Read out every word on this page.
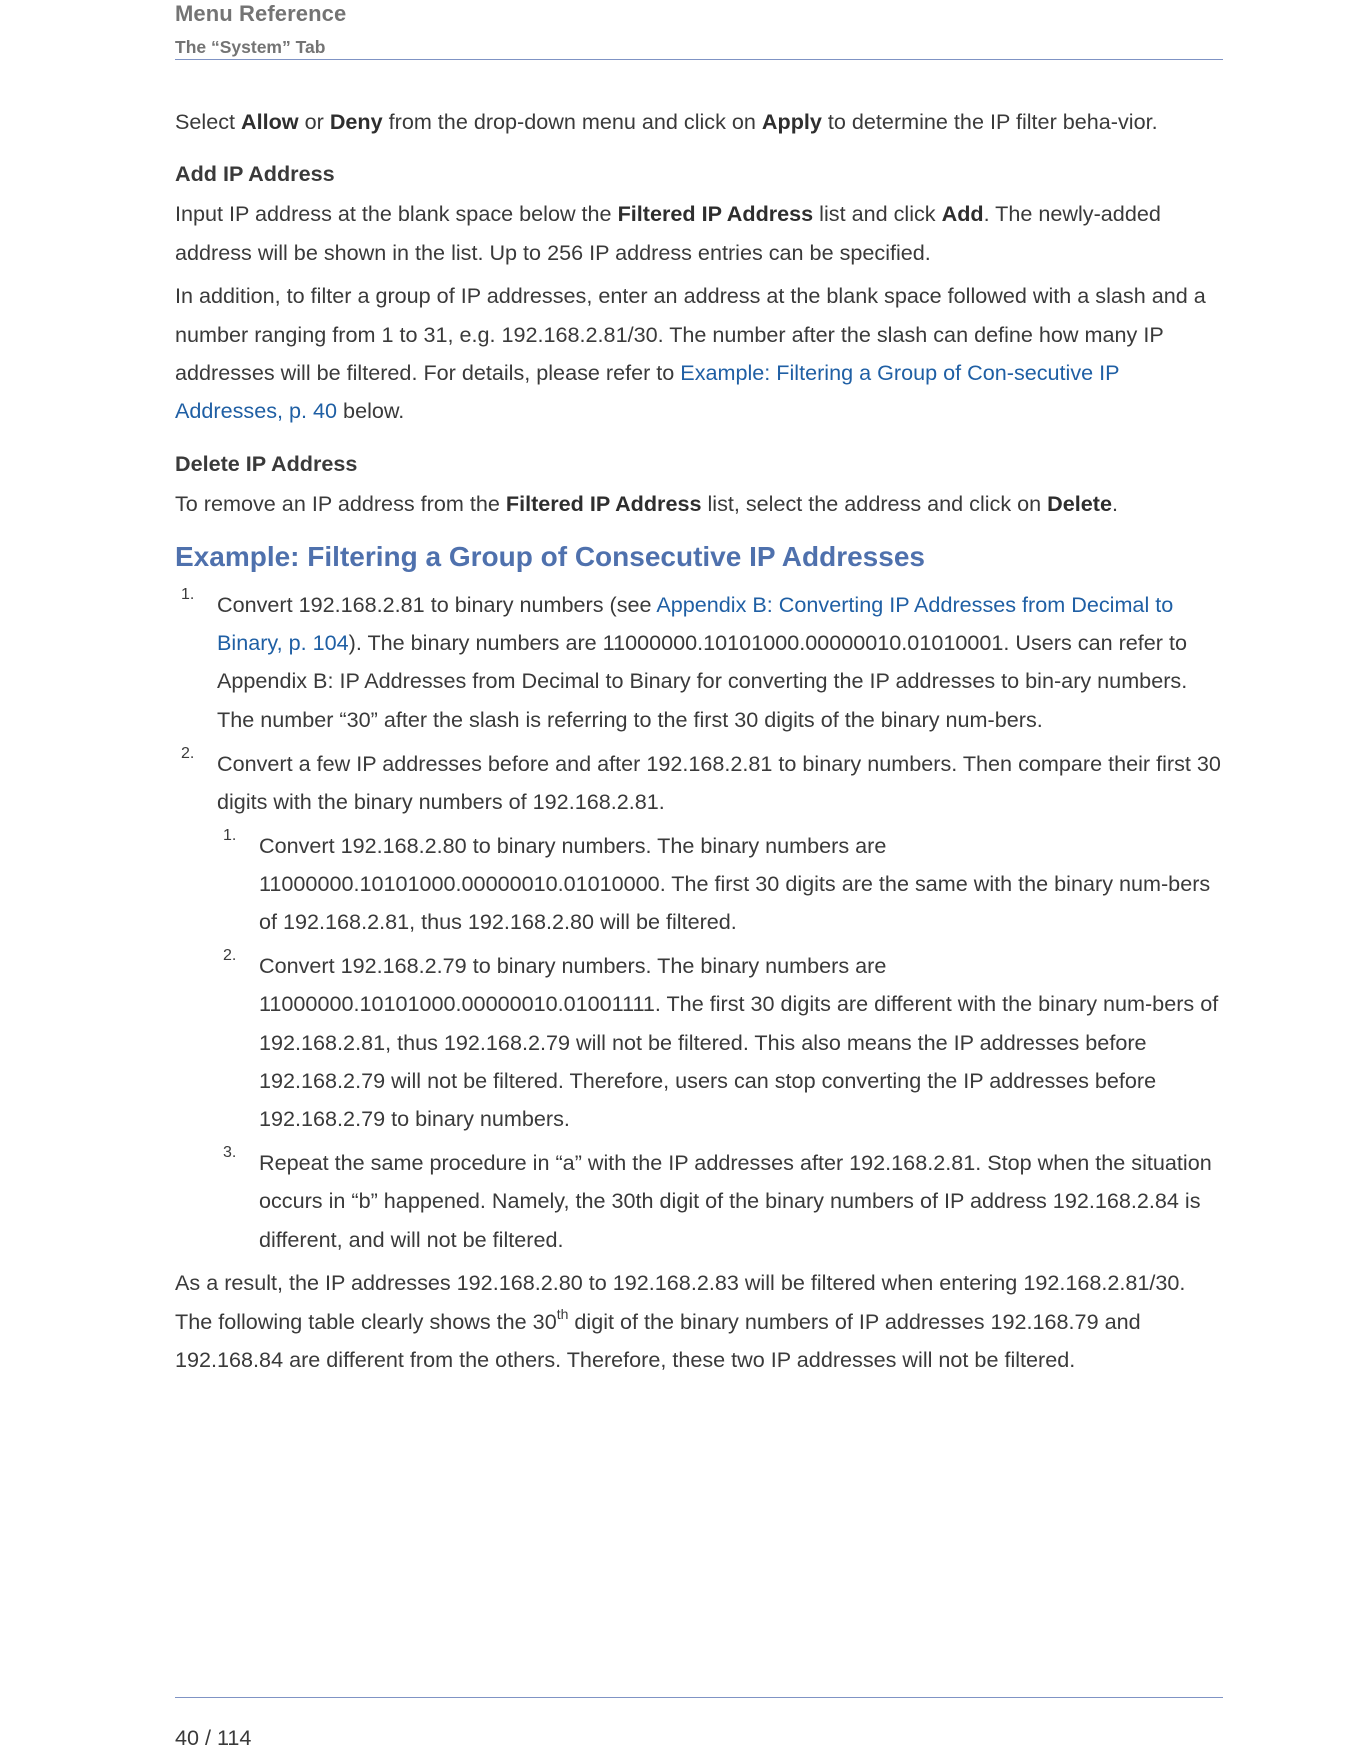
Menu Reference
The “System” Tab

Select Allow or Deny from the drop-down menu and click on Apply to determine the IP filter beha-vior.

Add IP Address

Input IP address at the blank space below the Filtered IP Address list and click Add. The newly-added address will be shown in the list. Up to 256 IP address entries can be specified.

In addition, to filter a group of IP addresses, enter an address at the blank space followed with a slash and a number ranging from 1 to 31, e.g. 192.168.2.81/30. The number after the slash can define how many IP addresses will be filtered. For details, please refer to Example: Filtering a Group of Con-secutive IP Addresses, p. 40 below.

Delete IP Address

To remove an IP address from the Filtered IP Address list, select the address and click on Delete.

Example: Filtering a Group of Consecutive IP Addresses
1. Convert 192.168.2.81 to binary numbers (see Appendix B: Converting IP Addresses from Decimal to Binary, p. 104). The binary numbers are 11000000.10101000.00000010.01010001. Users can refer to Appendix B: IP Addresses from Decimal to Binary for converting the IP addresses to bin-ary numbers. The number “30” after the slash is referring to the first 30 digits of the binary num-bers.

2. Convert a few IP addresses before and after 192.168.2.81 to binary numbers. Then compare their first 30 digits with the binary numbers of 192.168.2.81.

1. Convert 192.168.2.80 to binary numbers. The binary numbers are 11000000.10101000.00000010.01010000. The first 30 digits are the same with the binary num-bers of 192.168.2.81, thus 192.168.2.80 will be filtered.

2. Convert 192.168.2.79 to binary numbers. The binary numbers are 11000000.10101000.00000010.01001111. The first 30 digits are different with the binary num-bers of 192.168.2.81, thus 192.168.2.79 will not be filtered. This also means the IP addresses before 192.168.2.79 will not be filtered. Therefore, users can stop converting the IP addresses before 192.168.2.79 to binary numbers.

3. Repeat the same procedure in “a” with the IP addresses after 192.168.2.81. Stop when the situation occurs in “b” happened. Namely, the 30th digit of the binary numbers of IP address 192.168.2.84 is different, and will not be filtered.

As a result, the IP addresses 192.168.2.80 to 192.168.2.83 will be filtered when entering 192.168.2.81/30. The following table clearly shows the 30th digit of the binary numbers of IP addresses 192.168.79 and 192.168.84 are different from the others. Therefore, these two IP addresses will not be filtered.

40 / 114
